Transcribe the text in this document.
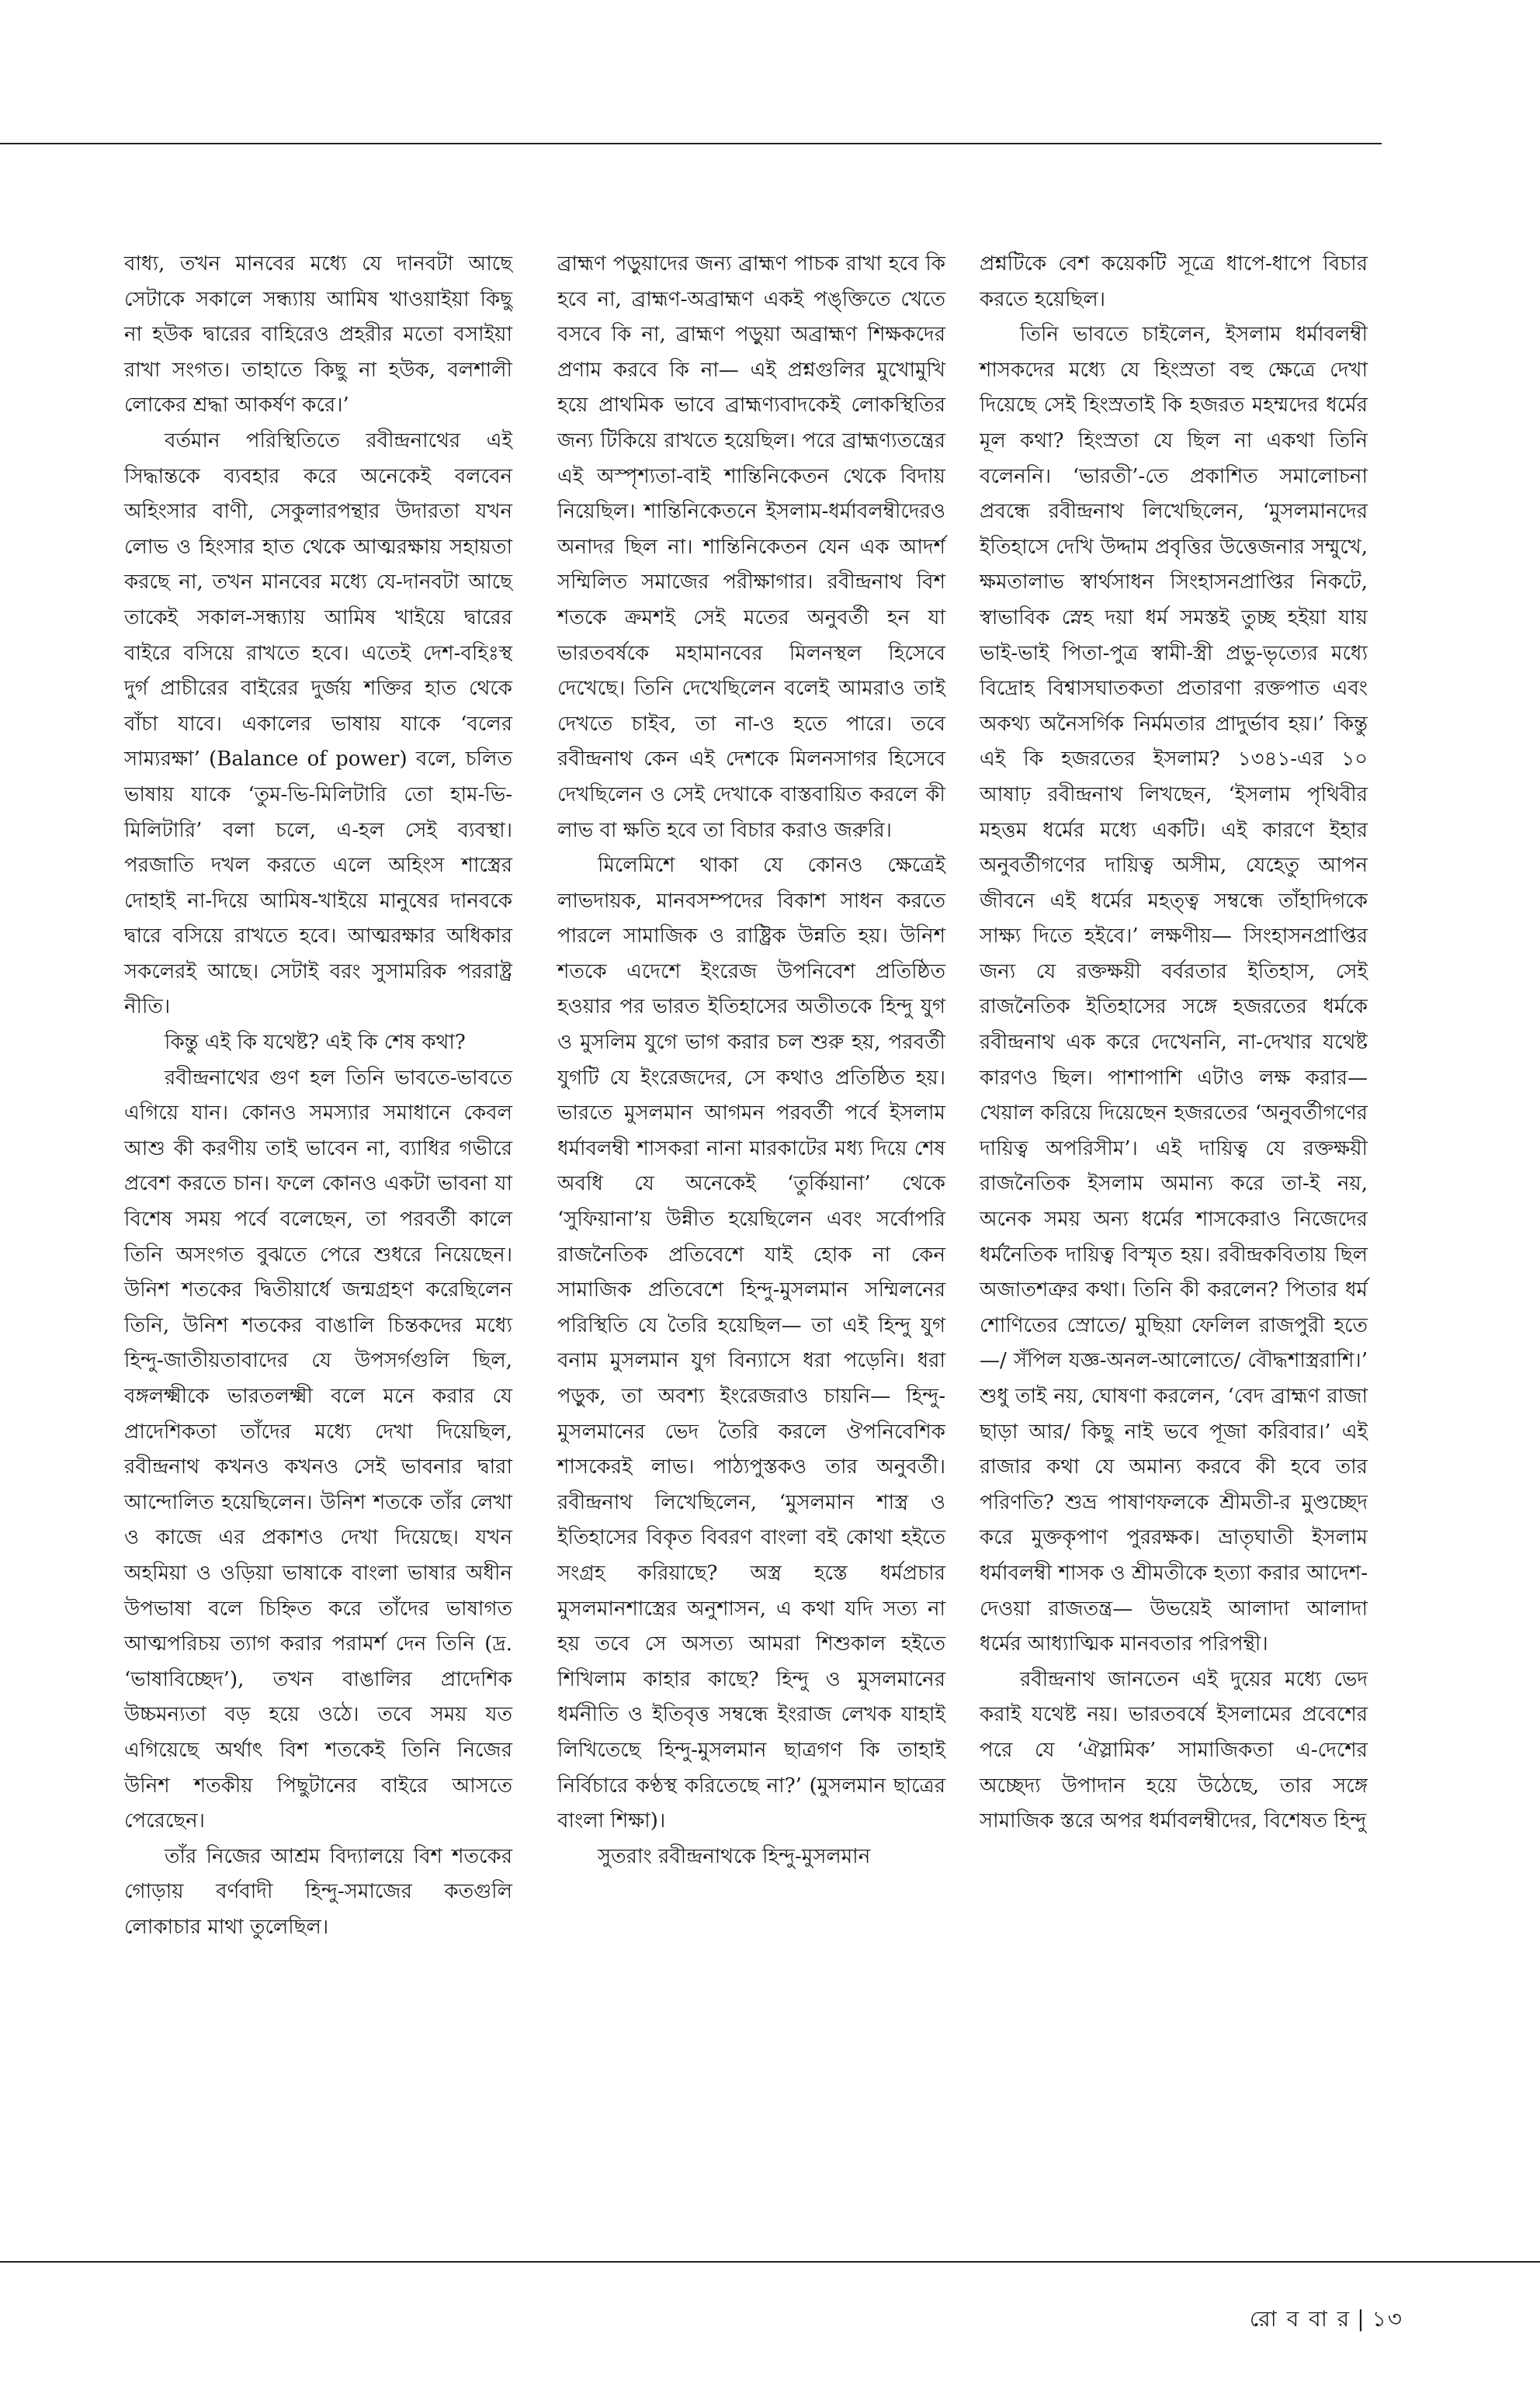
বাধ্য, তখন মানবের মধ্যে যে দানবটা আছে সেটাকে সকালে সন্ধ্যায় আমিষ খাওয়াইয়া কিছু না হউক দ্বারের বাহিরেও প্রহরীর মতো বসাইয়া রাখা সংগত। তাহাতে কিছু না হউক, বলশালী লোকের শ্রদ্ধা আকর্ষণ করে।’

বর্তমান পরিস্থিতিতে রবীন্দ্রনাথের এই সিদ্ধান্তকে ব্যবহার করে অনেকেই বলবেন অহিংসার বাণী, সেকুলারপন্থার উদারতা যখন লোভ ও হিংসার হাত থেকে আত্মরক্ষায় সহায়তা করছে না, তখন মানবের মধ্যে যে-দানবটা আছে তাকেই সকাল-সন্ধ্যায় আমিষ খাইয়ে দ্বারের বাইরে বসিয়ে রাখতে হবে। এতেই দেশ-বহিঃস্থ দুর্গ প্রাচীরের বাইরের দুর্জয় শক্তির হাত থেকে বাঁচা যাবে। একালের ভাষায় যাকে ‘বলের সাম্যরক্ষা’ (Balance of power) বলে, চলিত ভাষায় যাকে ‘তুম-ভি-মিলিটারি তো হাম-ভি-মিলিটারি’ বলা চলে, এ-হল সেই ব্যবস্থা। পরজাতি দখল করতে এলে অহিংস শাস্ত্রের দোহাই না-দিয়ে আমিষ-খাইয়ে মানুষের দানবকে দ্বারে বসিয়ে রাখতে হবে। আত্মরক্ষার অধিকার সকলেরই আছে। সেটাই বরং সুসামরিক পররাষ্ট্র নীতি।

কিন্তু এই কি যথেষ্ট? এই কি শেষ কথা?

রবীন্দ্রনাথের গুণ হল তিনি ভাবতে-ভাবতে এগিয়ে যান। কোনও সমস্যার সমাধানে কেবল আশু কী করণীয় তাই ভাবেন না, ব্যাধির গভীরে প্রবেশ করতে চান। ফলে কোনও একটা ভাবনা যা বিশেষ সময় পর্বে বলেছেন, তা পরবর্তী কালে তিনি অসংগত বুঝতে পেরে শুধরে নিয়েছেন। উনিশ শতকের দ্বিতীয়ার্ধে জন্মগ্রহণ করেছিলেন তিনি, উনিশ শতকের বাঙালি চিন্তকদের মধ্যে হিন্দু-জাতীয়তাবাদের যে উপসর্গগুলি ছিল, বঙ্গলক্ষ্মীকে ভারতলক্ষ্মী বলে মনে করার যে প্রাদেশিকতা তাঁদের মধ্যে দেখা দিয়েছিল, রবীন্দ্রনাথ কখনও কখনও সেই ভাবনার দ্বারা আন্দোলিত হয়েছিলেন। উনিশ শতকে তাঁর লেখা ও কাজে এর প্রকাশও দেখা দিয়েছে। যখন অহমিয়া ও ওড়িয়া ভাষাকে বাংলা ভাষার অধীন উপভাষা বলে চিহ্নিত করে তাঁদের ভাষাগত আত্মপরিচয় ত্যাগ করার পরামর্শ দেন তিনি (দ্র. ‘ভাষাবিচ্ছেদ’), তখন বাঙালির প্রাদেশিক উচ্চমন্যতা বড় হয়ে ওঠে। তবে সময় যত এগিয়েছে অর্থাৎ বিশ শতকেই তিনি নিজের উনিশ শতকীয় পিছুটানের বাইরে আসতে পেরেছেন।

তাঁর নিজের আশ্রম বিদ্যালয়ে বিশ শতকের গোড়ায় বর্ণবাদী হিন্দু-সমাজের কতগুলি লোকাচার মাথা তুলেছিল।

ব্রাহ্মণ পড়ুয়াদের জন্য ব্রাহ্মণ পাচক রাখা হবে কি হবে না, ব্রাহ্মণ-অব্রাহ্মণ একই পঙ্‌ক্তিতে খেতে বসবে কি না, ব্রাহ্মণ পড়ুয়া অব্রাহ্মণ শিক্ষকদের প্রণাম করবে কি না— এই প্রশ্নগুলির মুখোমুখি হয়ে প্রাথমিক ভাবে ব্রাহ্মণ্যবাদকেই লোকস্থিতির জন্য টিকিয়ে রাখতে হয়েছিল। পরে ব্রাহ্মণ্যতন্ত্রের এই অস্পৃশ্যতা-বাই শান্তিনিকেতন থেকে বিদায় নিয়েছিল। শান্তিনিকেতনে ইসলাম-ধর্মাবলম্বীদেরও অনাদর ছিল না। শান্তিনিকেতন যেন এক আদর্শ সম্মিলিত সমাজের পরীক্ষাগার। রবীন্দ্রনাথ বিশ শতকে ক্রমশই সেই মতের অনুবর্তী হন যা ভারতবর্ষকে মহামানবের মিলনস্থল হিসেবে দেখেছে। তিনি দেখেছিলেন বলেই আমরাও তাই দেখতে চাইব, তা না-ও হতে পারে। তবে রবীন্দ্রনাথ কেন এই দেশকে মিলনসাগর হিসেবে দেখছিলেন ও সেই দেখাকে বাস্তবায়িত করলে কী লাভ বা ক্ষতি হবে তা বিচার করাও জরুরি।

মিলেমিশে থাকা যে কোনও ক্ষেত্রেই লাভদায়ক, মানবসম্পদের বিকাশ সাধন করতে পারলে সামাজিক ও রাষ্ট্রিক উন্নতি হয়। উনিশ শতকে এদেশে ইংরেজ উপনিবেশ প্রতিষ্ঠিত হওয়ার পর ভারত ইতিহাসের অতীতকে হিন্দু যুগ ও মুসলিম যুগে ভাগ করার চল শুরু হয়, পরবর্তী যুগটি যে ইংরেজদের, সে কথাও প্রতিষ্ঠিত হয়। ভারতে মুসলমান আগমন পরবর্তী পর্বে ইসলাম ধর্মাবলম্বী শাসকরা নানা মারকাটের মধ্য দিয়ে শেষ অবধি যে অনেকেই ‘তুর্কিয়ানা’ থেকে ‘সুফিয়ানা’য় উন্নীত হয়েছিলেন এবং সর্বোপরি রাজনৈতিক প্রতিবেশে যাই হোক না কেন সামাজিক প্রতিবেশে হিন্দু-মুসলমান সম্মিলনের পরিস্থিতি যে তৈরি হয়েছিল— তা এই হিন্দু যুগ বনাম মুসলমান যুগ বিন্যাসে ধরা পড়েনি। ধরা পড়ুক, তা অবশ্য ইংরেজরাও চায়নি— হিন্দু-মুসলমানের ভেদ তৈরি করলে ঔপনিবেশিক শাসকেরই লাভ। পাঠ্যপুস্তকও তার অনুবর্তী। রবীন্দ্রনাথ লিখেছিলেন, ‘মুসলমান শাস্ত্র ও ইতিহাসের বিকৃত বিবরণ বাংলা বই কোথা হইতে সংগ্রহ করিয়াছে? অস্ত্র হস্তে ধর্মপ্রচার মুসলমানশাস্ত্রের অনুশাসন, এ কথা যদি সত্য না হয় তবে সে অসত্য আমরা শিশুকাল হইতে শিখিলাম কাহার কাছে? হিন্দু ও মুসলমানের ধর্মনীতি ও ইতিবৃত্ত সম্বন্ধে ইংরাজ লেখক যাহাই লিখিতেছে হিন্দু-মুসলমান ছাত্রগণ কি তাহাই নির্বিচারে কণ্ঠস্থ করিতেছে না?’ (মুসলমান ছাত্রের বাংলা শিক্ষা)।

সুতরাং রবীন্দ্রনাথকে হিন্দু-মুসলমান

প্রশ্নটিকে বেশ কয়েকটি সূত্রে ধাপে-ধাপে বিচার করতে হয়েছিল।

তিনি ভাবতে চাইলেন, ইসলাম ধর্মাবলম্বী শাসকদের মধ্যে যে হিংস্রতা বহু ক্ষেত্রে দেখা দিয়েছে সেই হিংস্রতাই কি হজরত মহম্মদের ধর্মের মূল কথা? হিংস্রতা যে ছিল না একথা তিনি বলেননি। ‘ভারতী’-তে প্রকাশিত সমালোচনা প্রবন্ধে রবীন্দ্রনাথ লিখেছিলেন, ‘মুসলমানদের ইতিহাসে দেখি উদ্দাম প্রবৃত্তির উত্তেজনার সম্মুখে, ক্ষমতালাভ স্বার্থসাধন সিংহাসনপ্রাপ্তির নিকটে, স্বাভাবিক স্নেহ দয়া ধর্ম সমস্তই তুচ্ছ হইয়া যায় ভাই-ভাই পিতা-পুত্র স্বামী-স্ত্রী প্রভু-ভৃত্যের মধ্যে বিদ্রোহ বিশ্বাসঘাতকতা প্রতারণা রক্তপাত এবং অকথ্য অনৈসর্গিক নির্মমতার প্রাদুর্ভাব হয়।’ কিন্তু এই কি হজরতের ইসলাম? ১৩৪১-এর ১০ আষাঢ় রবীন্দ্রনাথ লিখছেন, ‘ইসলাম পৃথিবীর মহত্তম ধর্মের মধ্যে একটি। এই কারণে ইহার অনুবর্তীগণের দায়িত্ব অসীম, যেহেতু আপন জীবনে এই ধর্মের মহত্ত্ব সম্বন্ধে তাঁহাদিগকে সাক্ষ্য দিতে হইবে।’ লক্ষণীয়— সিংহাসনপ্রাপ্তির জন্য যে রক্তক্ষয়ী বর্বরতার ইতিহাস, সেই রাজনৈতিক ইতিহাসের সঙ্গে হজরতের ধর্মকে রবীন্দ্রনাথ এক করে দেখেননি, না-দেখার যথেষ্ট কারণও ছিল। পাশাপাশি এটাও লক্ষ করার— খেয়াল করিয়ে দিয়েছেন হজরতের ‘অনুবর্তীগণের দায়িত্ব অপরিসীম’। এই দায়িত্ব যে রক্তক্ষয়ী রাজনৈতিক ইসলাম অমান্য করে তা-ই নয়, অনেক সময় অন্য ধর্মের শাসকেরাও নিজেদের ধর্মনৈতিক দায়িত্ব বিস্মৃত হয়। রবীন্দ্রকবিতায় ছিল অজাতশত্রুর কথা। তিনি কী করলেন? পিতার ধর্ম শোণিতের স্রোতে/ মুছিয়া ফেলিল রাজপুরী হতে—/ সঁপিল যজ্ঞ-অনল-আলোতে/ বৌদ্ধশাস্ত্ররাশি।’ শুধু তাই নয়, ঘোষণা করলেন, ‘বেদ ব্রাহ্মণ রাজা ছাড়া আর/ কিছু নাই ভবে পূজা করিবার।’ এই রাজার কথা যে অমান্য করবে কী হবে তার পরিণতি? শুভ্র পাষাণফলকে শ্রীমতী-র মুণ্ডচ্ছেদ করে মুক্তকৃপাণ পুররক্ষক। ভ্রাতৃঘাতী ইসলাম ধর্মাবলম্বী শাসক ও শ্রীমতীকে হত্যা করার আদেশ-দেওয়া রাজতন্ত্র— উভয়েই আলাদা আলাদা ধর্মের আধ্যাত্মিক মানবতার পরিপন্থী।

রবীন্দ্রনাথ জানতেন এই দুয়ের মধ্যে ভেদ করাই যথেষ্ট নয়। ভারতবর্ষে ইসলামের প্রবেশের পরে যে ‘ঐস্লামিক’ সামাজিকতা এ-দেশের অচ্ছেদ্য উপাদান হয়ে উঠেছে, তার সঙ্গে সামাজিক স্তরে অপর ধর্মাবলম্বীদের, বিশেষত হিন্দু

রো ব বা র | ১৩
